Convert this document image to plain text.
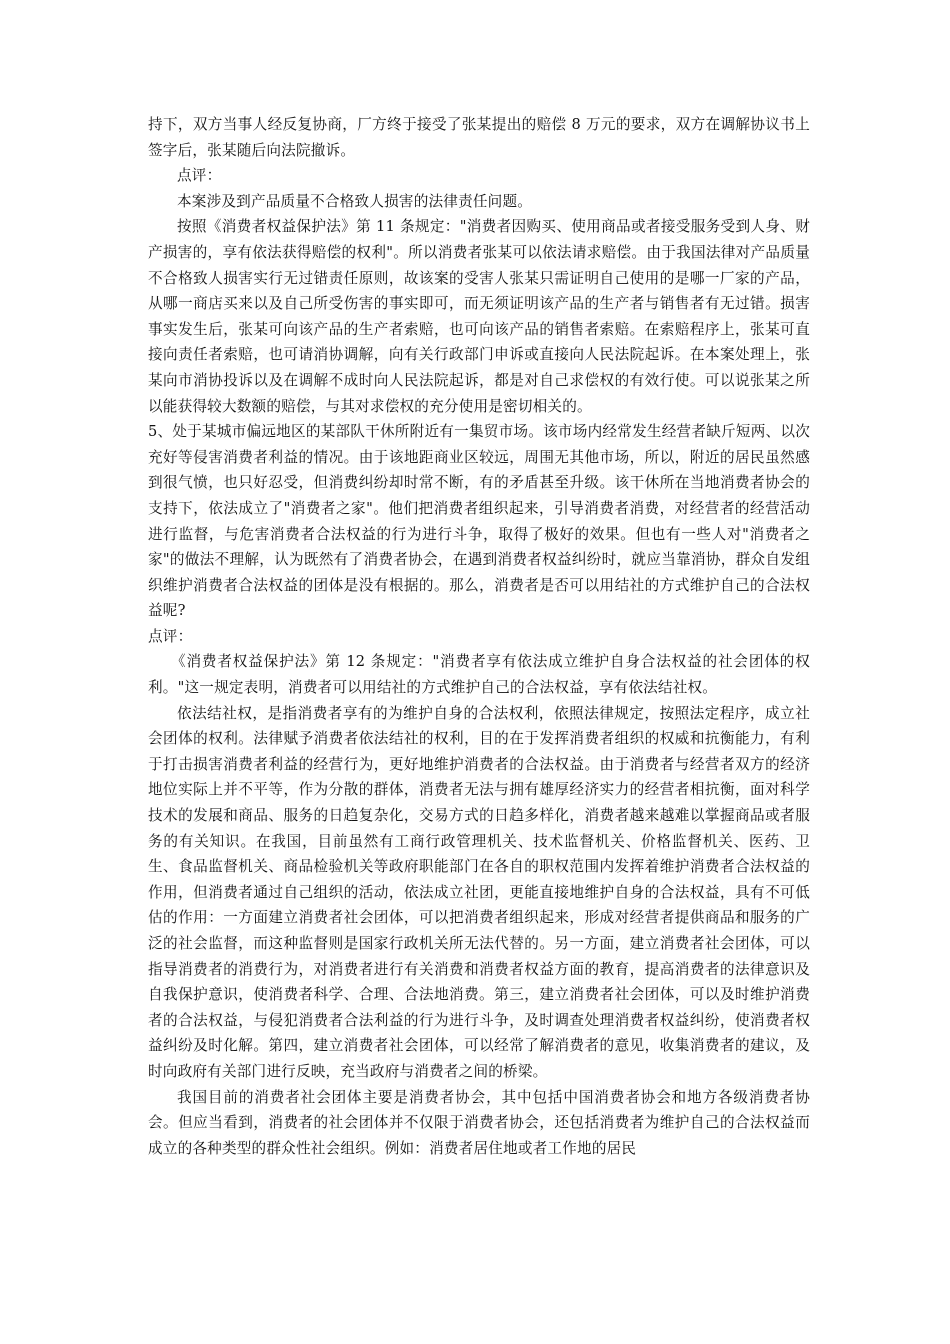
持下，双方当事人经反复协商，厂方终于接受了张某提出的赔偿 8 万元的要求，双方在调解协议书上签字后，张某随后向法院撤诉。

点评：

本案涉及到产品质量不合格致人损害的法律责任问题。

按照《消费者权益保护法》第 11 条规定："消费者因购买、使用商品或者接受服务受到人身、财产损害的，享有依法获得赔偿的权利"。所以消费者张某可以依法请求赔偿。由于我国法律对产品质量不合格致人损害实行无过错责任原则，故该案的受害人张某只需证明自己使用的是哪一厂家的产品，从哪一商店买来以及自己所受伤害的事实即可，而无须证明该产品的生产者与销售者有无过错。损害事实发生后，张某可向该产品的生产者索赔，也可向该产品的销售者索赔。在索赔程序上，张某可直接向责任者索赔，也可请消协调解，向有关行政部门申诉或直接向人民法院起诉。在本案处理上，张某向市消协投诉以及在调解不成时向人民法院起诉，都是对自己求偿权的有效行使。可以说张某之所以能获得较大数额的赔偿，与其对求偿权的充分使用是密切相关的。

5、处于某城市偏远地区的某部队干休所附近有一集贸市场。该市场内经常发生经营者缺斤短两、以次充好等侵害消费者利益的情况。由于该地距商业区较远，周围无其他市场，所以，附近的居民虽然感到很气愤，也只好忍受，但消费纠纷却时常不断，有的矛盾甚至升级。该干休所在当地消费者协会的支持下，依法成立了"消费者之家"。他们把消费者组织起来，引导消费者消费，对经营者的经营活动进行监督，与危害消费者合法权益的行为进行斗争，取得了极好的效果。但也有一些人对"消费者之家"的做法不理解，认为既然有了消费者协会，在遇到消费者权益纠纷时，就应当靠消协，群众自发组织维护消费者合法权益的团体是没有根据的。那么，消费者是否可以用结社的方式维护自己的合法权益呢?

点评：

《消费者权益保护法》第 12 条规定："消费者享有依法成立维护自身合法权益的社会团体的权利。"这一规定表明，消费者可以用结社的方式维护自己的合法权益，享有依法结社权。

依法结社权，是指消费者享有的为维护自身的合法权利，依照法律规定，按照法定程序，成立社会团体的权利。法律赋予消费者依法结社的权利，目的在于发挥消费者组织的权威和抗衡能力，有利于打击损害消费者利益的经营行为，更好地维护消费者的合法权益。由于消费者与经营者双方的经济地位实际上并不平等，作为分散的群体，消费者无法与拥有雄厚经济实力的经营者相抗衡，面对科学技术的发展和商品、服务的日趋复杂化，交易方式的日趋多样化，消费者越来越难以掌握商品或者服务的有关知识。在我国，目前虽然有工商行政管理机关、技术监督机关、价格监督机关、医药、卫生、食品监督机关、商品检验机关等政府职能部门在各自的职权范围内发挥着维护消费者合法权益的作用，但消费者通过自己组织的活动，依法成立社团，更能直接地维护自身的合法权益，具有不可低估的作用：一方面建立消费者社会团体，可以把消费者组织起来，形成对经营者提供商品和服务的广泛的社会监督，而这种监督则是国家行政机关所无法代替的。另一方面，建立消费者社会团体，可以指导消费者的消费行为，对消费者进行有关消费和消费者权益方面的教育，提高消费者的法律意识及自我保护意识，使消费者科学、合理、合法地消费。第三，建立消费者社会团体，可以及时维护消费者的合法权益，与侵犯消费者合法利益的行为进行斗争，及时调查处理消费者权益纠纷，使消费者权益纠纷及时化解。第四，建立消费者社会团体，可以经常了解消费者的意见，收集消费者的建议，及时向政府有关部门进行反映，充当政府与消费者之间的桥梁。

我国目前的消费者社会团体主要是消费者协会，其中包括中国消费者协会和地方各级消费者协会。但应当看到，消费者的社会团体并不仅限于消费者协会，还包括消费者为维护自己的合法权益而成立的各种类型的群众性社会组织。例如：消费者居住地或者工作地的居民
